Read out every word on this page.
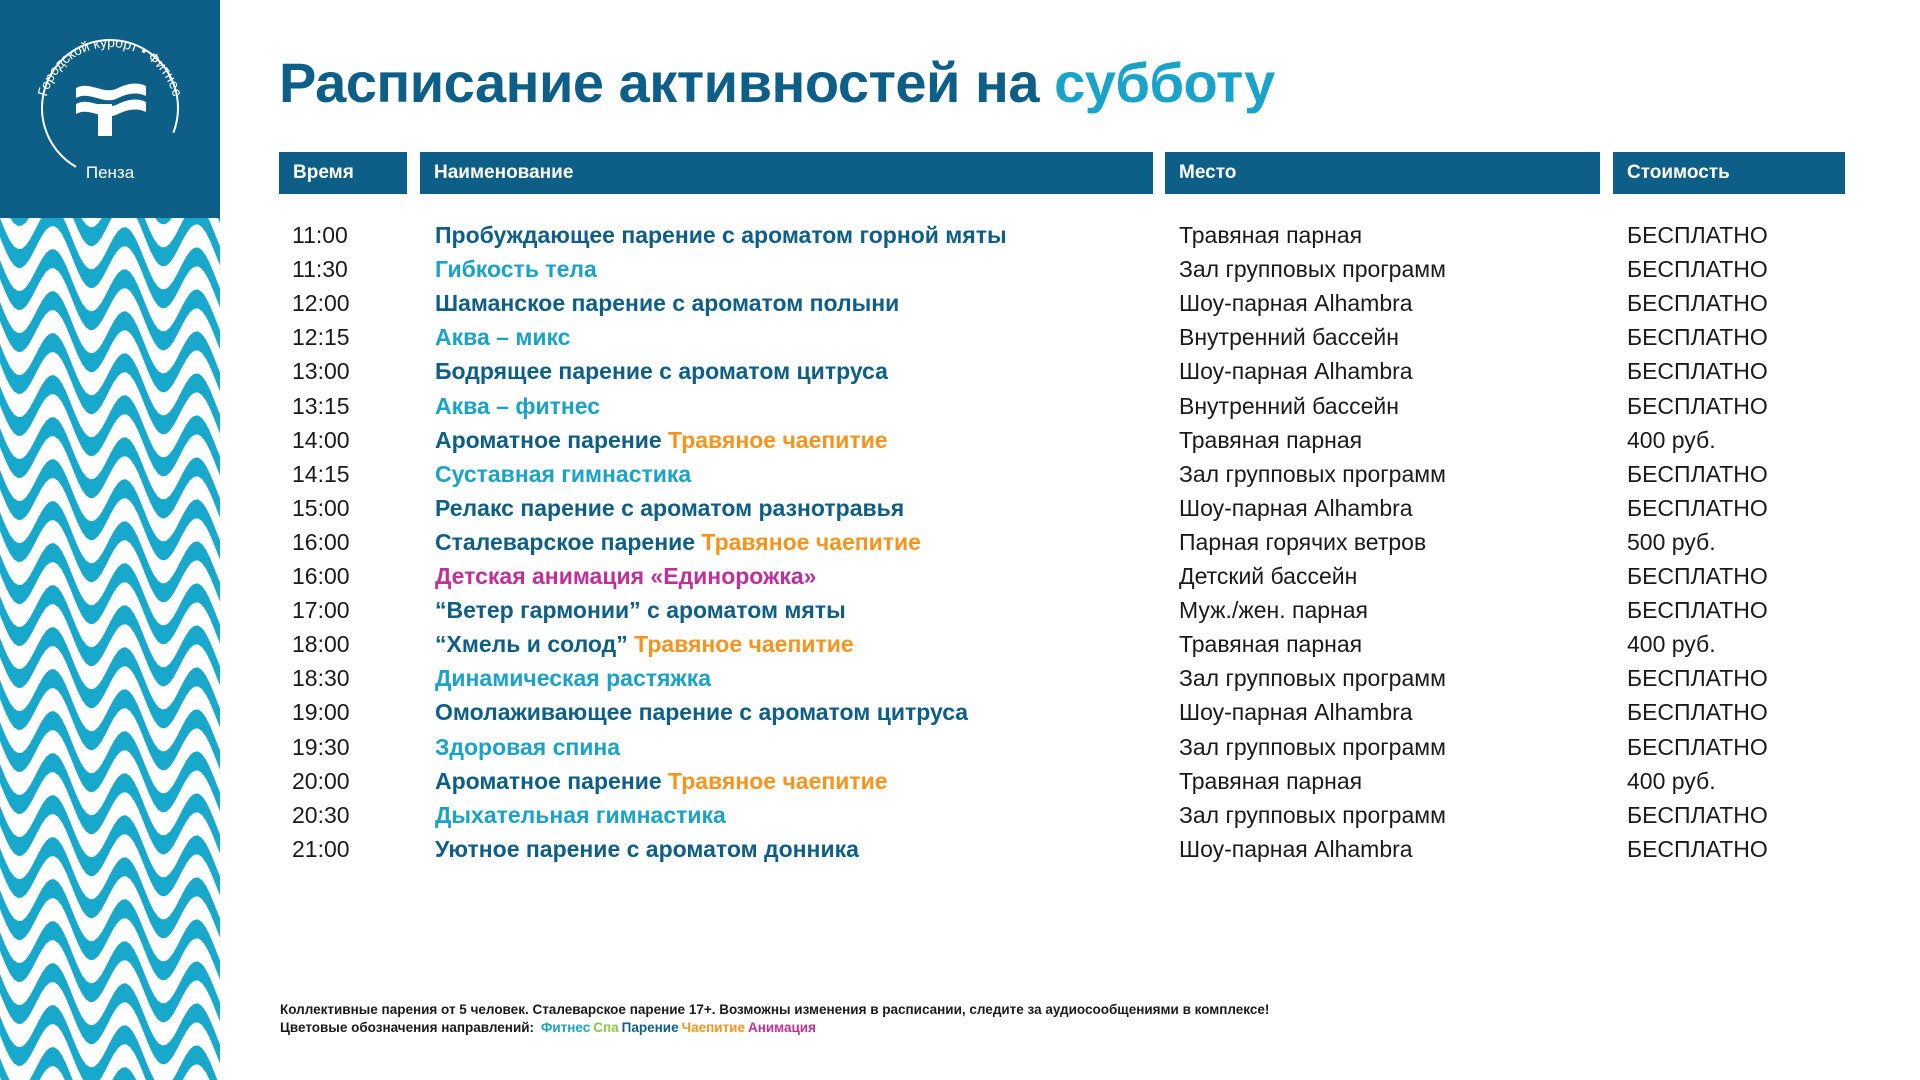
Городской курорт • Фитнес
Пенза
Расписание активностей на субботу
Время	Наименование	Место	Стоимость
11:00	Пробуждающее парение с ароматом горной мяты	Травяная парная	БЕСПЛАТНО
11:30	Гибкость тела	Зал групповых программ	БЕСПЛАТНО
12:00	Шаманское парение с ароматом полыни	Шоу-парная Alhambra	БЕСПЛАТНО
12:15	Аква – микс	Внутренний бассейн	БЕСПЛАТНО
13:00	Бодрящее парение с ароматом цитруса	Шоу-парная Alhambra	БЕСПЛАТНО
13:15	Аква – фитнес	Внутренний бассейн	БЕСПЛАТНО
14:00	Ароматное парение Травяное чаепитие	Травяная парная	400 руб.
14:15	Суставная гимнастика	Зал групповых программ	БЕСПЛАТНО
15:00	Релакс парение с ароматом разнотравья	Шоу-парная Alhambra	БЕСПЛАТНО
16:00	Сталеварское парение Травяное чаепитие	Парная горячих ветров	500 руб.
16:00	Детская анимация «Единорожка»	Детский бассейн	БЕСПЛАТНО
17:00	“Ветер гармонии” с ароматом мяты	Муж./жен. парная	БЕСПЛАТНО
18:00	“Хмель и солод” Травяное чаепитие	Травяная парная	400 руб.
18:30	Динамическая растяжка	Зал групповых программ	БЕСПЛАТНО
19:00	Омолаживающее парение с ароматом цитруса	Шоу-парная Alhambra	БЕСПЛАТНО
19:30	Здоровая спина	Зал групповых программ	БЕСПЛАТНО
20:00	Ароматное парение Травяное чаепитие	Травяная парная	400 руб.
20:30	Дыхательная гимнастика	Зал групповых программ	БЕСПЛАТНО
21:00	Уютное парение с ароматом донника	Шоу-парная Alhambra	БЕСПЛАТНО
Коллективные парения от 5 человек. Сталеварское парение 17+. Возможны изменения в расписании, следите за аудиосообщениями в комплексе!
Цветовые обозначения направлений: Фитнес Спа Парение Чаепитие Анимация
